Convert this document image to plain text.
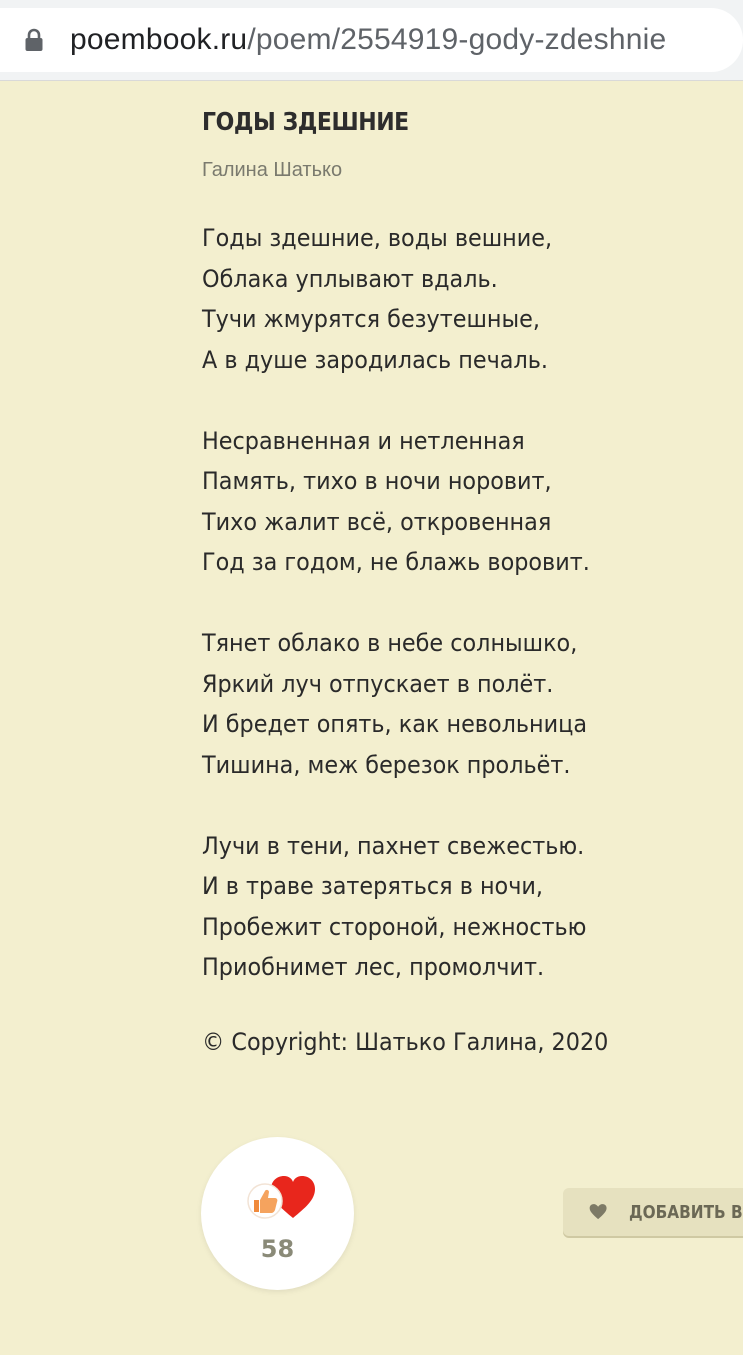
poembook.ru/poem/2554919-gody-zdeshnie
ГОДЫ ЗДЕШНИЕ
Галина Шатько
Годы здешние, воды вешние,
Облака уплывают вдаль.
Тучи жмурятся безутешные,
А в душе зародилась печаль.
Несравненная и нетленная
Память, тихо в ночи норовит,
Тихо жалит всё, откровенная
Год за годом, не блажь воровит.
Тянет облако в небе солнышко,
Яркий луч отпускает в полёт.
И бредет опять, как невольница
Тишина, меж березок прольёт.
Лучи в тени, пахнет свежестью.
И в траве затеряться в ночи,
Пробежит стороной, нежностью
Приобнимет лес, промолчит.
© Copyright: Шатько Галина, 2020
58
ДОБАВИТЬ В
